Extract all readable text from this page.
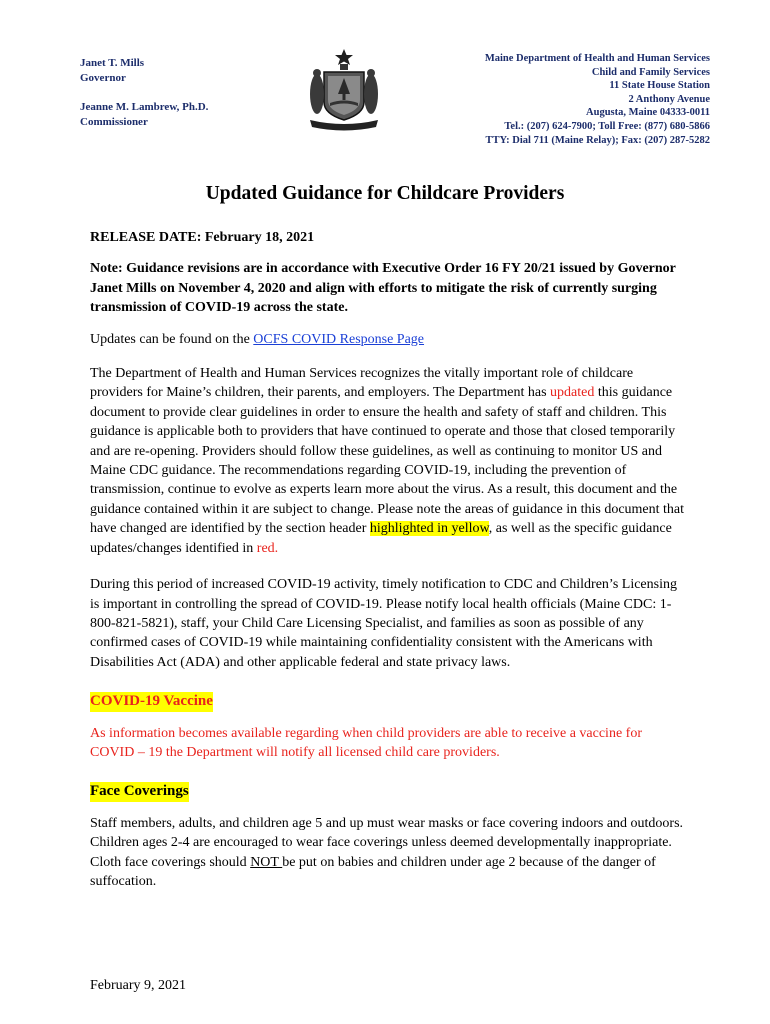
Janet T. Mills
Governor
Jeanne M. Lambrew, Ph.D.
Commissioner
Maine Department of Health and Human Services
Child and Family Services
11 State House Station
2 Anthony Avenue
Augusta, Maine 04333-0011
Tel.: (207) 624-7900; Toll Free: (877) 680-5866
TTY: Dial 711 (Maine Relay); Fax: (207) 287-5282
Updated Guidance for Childcare Providers

RELEASE DATE: February 18, 2021

Note: Guidance revisions are in accordance with Executive Order 16 FY 20/21 issued by Governor Janet Mills on November 4, 2020 and align with efforts to mitigate the risk of currently surging transmission of COVID-19 across the state.

Updates can be found on the OCFS COVID Response Page

The Department of Health and Human Services recognizes the vitally important role of childcare providers for Maine’s children, their parents, and employers. The Department has updated this guidance document to provide clear guidelines in order to ensure the health and safety of staff and children. This guidance is applicable both to providers that have continued to operate and those that closed temporarily and are re-opening. Providers should follow these guidelines, as well as continuing to monitor US and Maine CDC guidance. The recommendations regarding COVID-19, including the prevention of transmission, continue to evolve as experts learn more about the virus. As a result, this document and the guidance contained within it are subject to change. Please note the areas of guidance in this document that have changed are identified by the section header highlighted in yellow, as well as the specific guidance updates/changes identified in red.

During this period of increased COVID-19 activity, timely notification to CDC and Children’s Licensing is important in controlling the spread of COVID-19. Please notify local health officials (Maine CDC: 1-800-821-5821), staff, your Child Care Licensing Specialist, and families as soon as possible of any confirmed cases of COVID-19 while maintaining confidentiality consistent with the Americans with Disabilities Act (ADA) and other applicable federal and state privacy laws.

COVID-19 Vaccine

As information becomes available regarding when child providers are able to receive a vaccine for COVID – 19 the Department will notify all licensed child care providers.

Face Coverings

Staff members, adults, and children age 5 and up must wear masks or face covering indoors and outdoors. Children ages 2-4 are encouraged to wear face coverings unless deemed developmentally inappropriate. Cloth face coverings should NOT be put on babies and children under age 2 because of the danger of suffocation.

February 9, 2021
